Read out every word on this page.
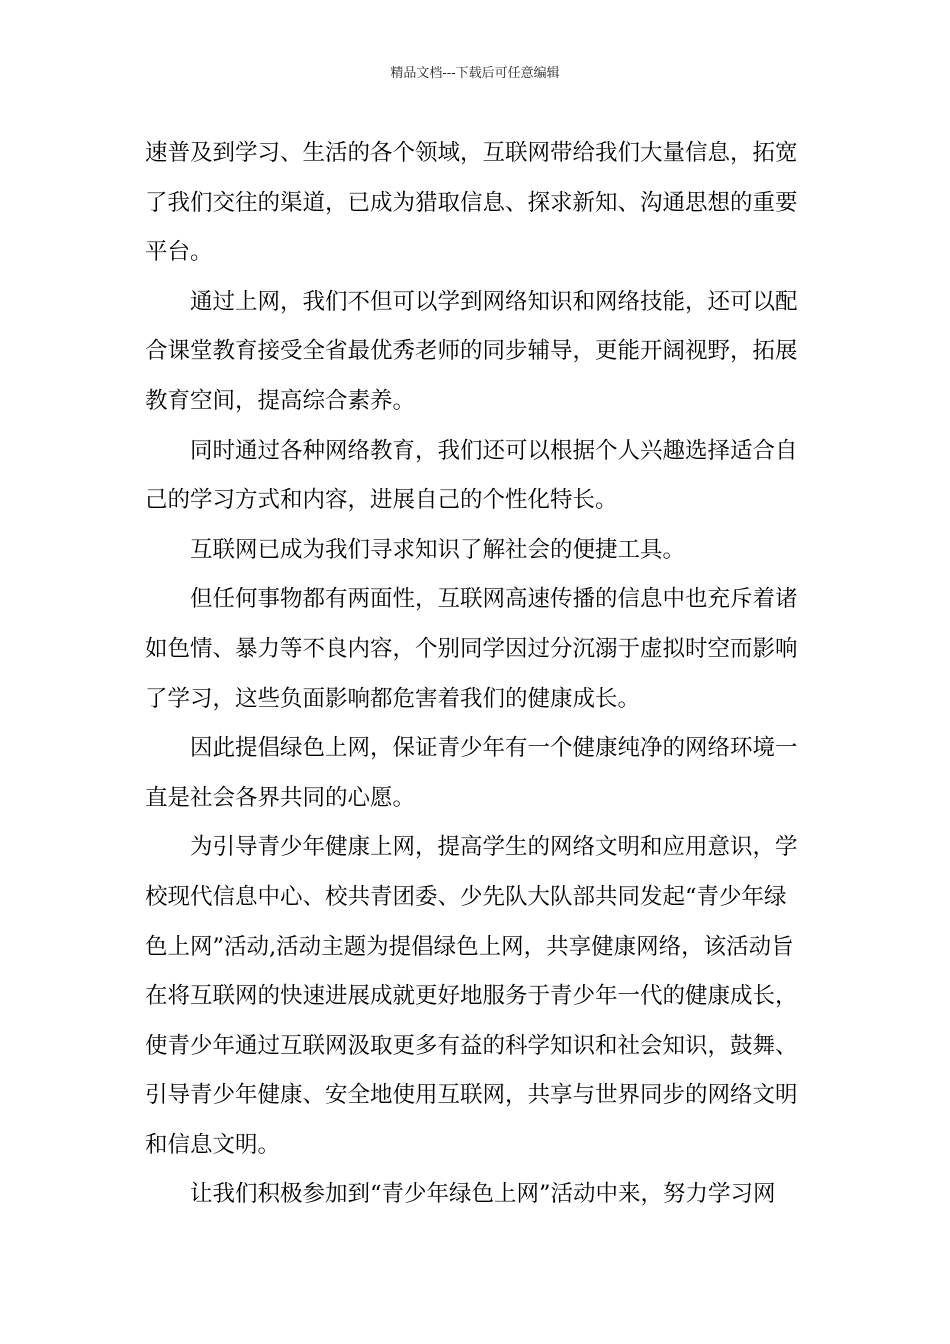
精品文档---下载后可任意编辑
速普及到学习、生活的各个领域，互联网带给我们大量信息，拓宽
了我们交往的渠道，已成为猎取信息、探求新知、沟通思想的重要
平台。
通过上网，我们不但可以学到网络知识和网络技能，还可以配
合课堂教育接受全省最优秀老师的同步辅导，更能开阔视野，拓展
教育空间，提高综合素养。
同时通过各种网络教育，我们还可以根据个人兴趣选择适合自
己的学习方式和内容，进展自己的个性化特长。
互联网已成为我们寻求知识了解社会的便捷工具。
但任何事物都有两面性，互联网高速传播的信息中也充斥着诸
如色情、暴力等不良内容，个别同学因过分沉溺于虚拟时空而影响
了学习，这些负面影响都危害着我们的健康成长。
因此提倡绿色上网，保证青少年有一个健康纯净的网络环境一
直是社会各界共同的心愿。
为引导青少年健康上网，提高学生的网络文明和应用意识，学
校现代信息中心、校共青团委、少先队大队部共同发起“青少年绿
色上网”活动,活动主题为提倡绿色上网，共享健康网络，该活动旨
在将互联网的快速进展成就更好地服务于青少年一代的健康成长，
使青少年通过互联网汲取更多有益的科学知识和社会知识，鼓舞、
引导青少年健康、安全地使用互联网，共享与世界同步的网络文明
和信息文明。
让我们积极参加到“青少年绿色上网”活动中来，努力学习网
